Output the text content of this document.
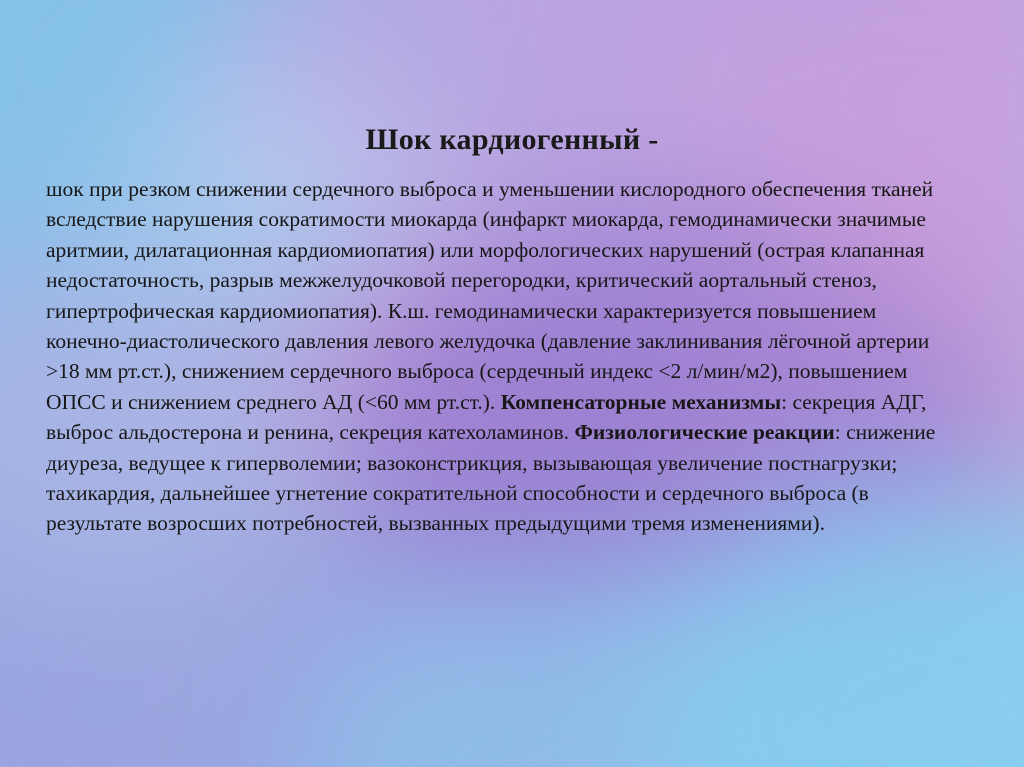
Шок кардиогенный -
шок при резком снижении сердечного выброса и уменьшении кислородного обеспечения тканей вследствие нарушения сократимости миокарда (инфаркт миокарда, гемодинамически значимые аритмии, дилатационная кардиомиопатия) или морфологических нарушений (острая клапанная недостаточность, разрыв межжелудочковой перегородки, критический аортальный стеноз, гипертрофическая кардиомиопатия). К.ш. гемодинамически характеризуется повышением конечно-диастолического давления левого желудочка (давление заклинивания лёгочной артерии >18 мм рт.ст.), снижением сердечного выброса (сердечный индекс <2 л/мин/м2), повышением ОПСС и снижением среднего АД (<60 мм рт.ст.). Компенсаторные механизмы: секреция АДГ, выброс альдостерона и ренина, секреция катехоламинов. Физиологические реакции: снижение диуреза, ведущее к гиперволемии; вазоконстрикция, вызывающая увеличение постнагрузки; тахикардия, дальнейшее угнетение сократительной способности и сердечного выброса (в результате возросших потребностей, вызванных предыдущими тремя изменениями).
